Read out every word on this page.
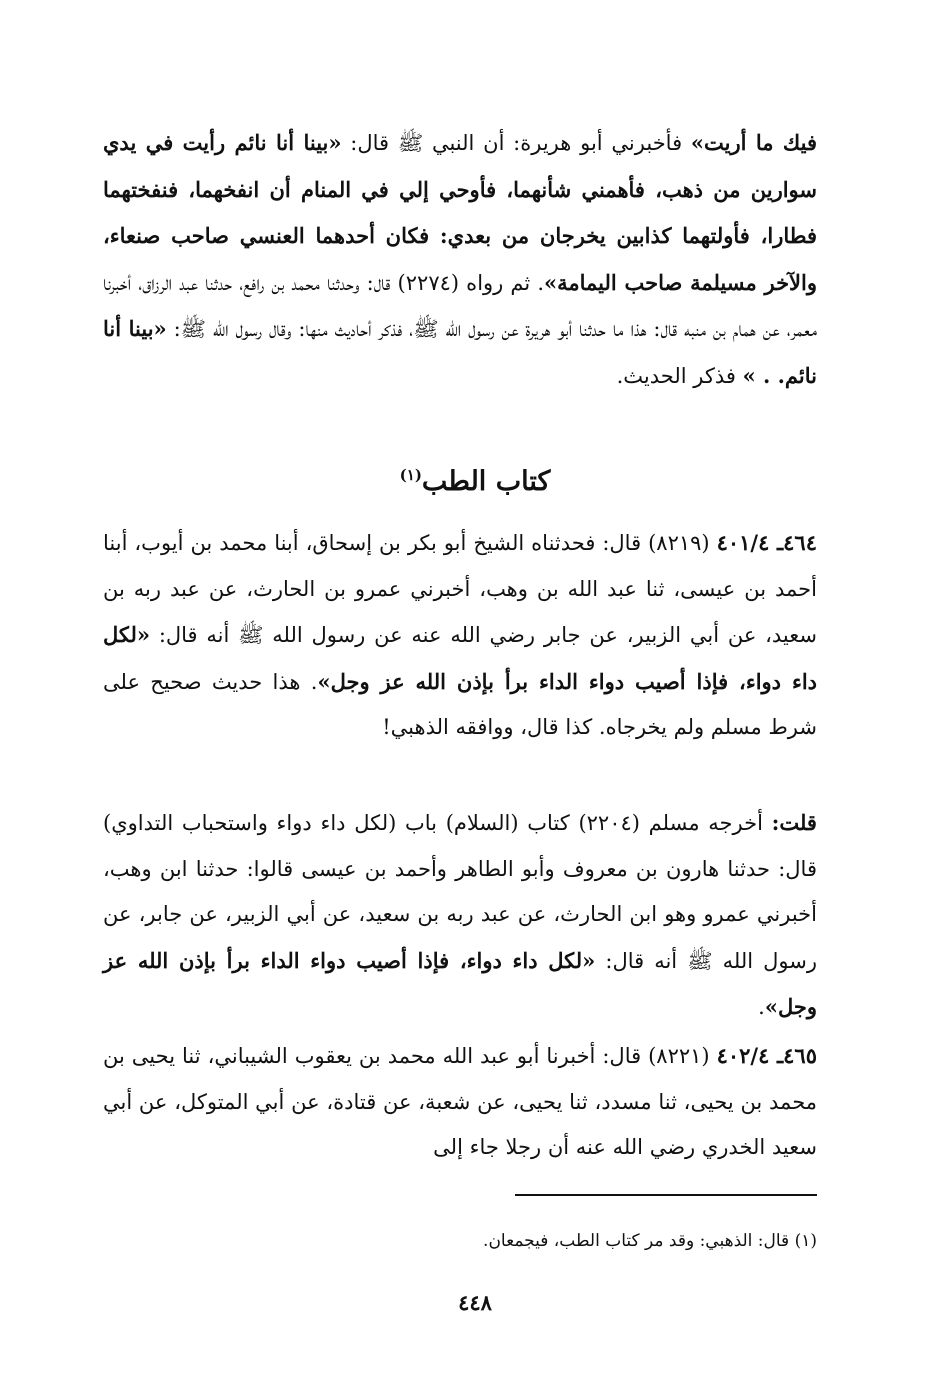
فيك ما أريت» فأخبرني أبو هريرة: أن النبي ﷺ قال: «بينا أنا نائم رأيت في يدي سوارين من ذهب، فأهمني شأنهما، فأوحي إلي في المنام أن انفخهما، فنفختهما فطارا، فأولتهما كذابين يخرجان من بعدي: فكان أحدهما العنسي صاحب صنعاء، والآخر مسيلمة صاحب اليمامة». ثم رواه (٢٢٧٤) قال: وحدثنا محمد بن رافع، حدثنا عبد الرزاق، أخبرنا معمر، عن همام بن منبه قال: هذا ما حدثنا أبو هريرة عن رسول الله ﷺ، فذكر أحاديث منها: وقال رسول الله ﷺ: «بينا أنا نائم. . » فذكر الحديث.

كتاب الطب$^{(١)}$

٤٦٤ـ ٤٠١/٤ (٨٢١٩) قال: فحدثناه الشيخ أبو بكر بن إسحاق، أبنا محمد بن أيوب، أبنا أحمد بن عيسى، ثنا عبد الله بن وهب، أخبرني عمرو بن الحارث، عن عبد ربه بن سعيد، عن أبي الزبير، عن جابر رضي الله عنه عن رسول الله ﷺ أنه قال: «لكل داء دواء، فإذا أصيب دواء الداء برأ بإذن الله عز وجل». هذا حديث صحيح على شرط مسلم ولم يخرجاه. كذا قال، ووافقه الذهبي!

قلت: أخرجه مسلم (٢٢٠٤) كتاب (السلام) باب (لكل داء دواء واستحباب التداوي) قال: حدثنا هارون بن معروف وأبو الطاهر وأحمد بن عيسى قالوا: حدثنا ابن وهب، أخبرني عمرو وهو ابن الحارث، عن عبد ربه بن سعيد، عن أبي الزبير، عن جابر، عن رسول الله ﷺ أنه قال: «لكل داء دواء، فإذا أصيب دواء الداء برأ بإذن الله عز وجل».

٤٦٥ـ ٤٠٢/٤ (٨٢٢١) قال: أخبرنا أبو عبد الله محمد بن يعقوب الشيباني، ثنا يحيى بن محمد بن يحيى، ثنا مسدد، ثنا يحيى، عن شعبة، عن قتادة، عن أبي المتوكل، عن أبي سعيد الخدري رضي الله عنه أن رجلا جاء إلى

(١) قال: الذهبي: وقد مر كتاب الطب، فيجمعان.

٤٤٨
